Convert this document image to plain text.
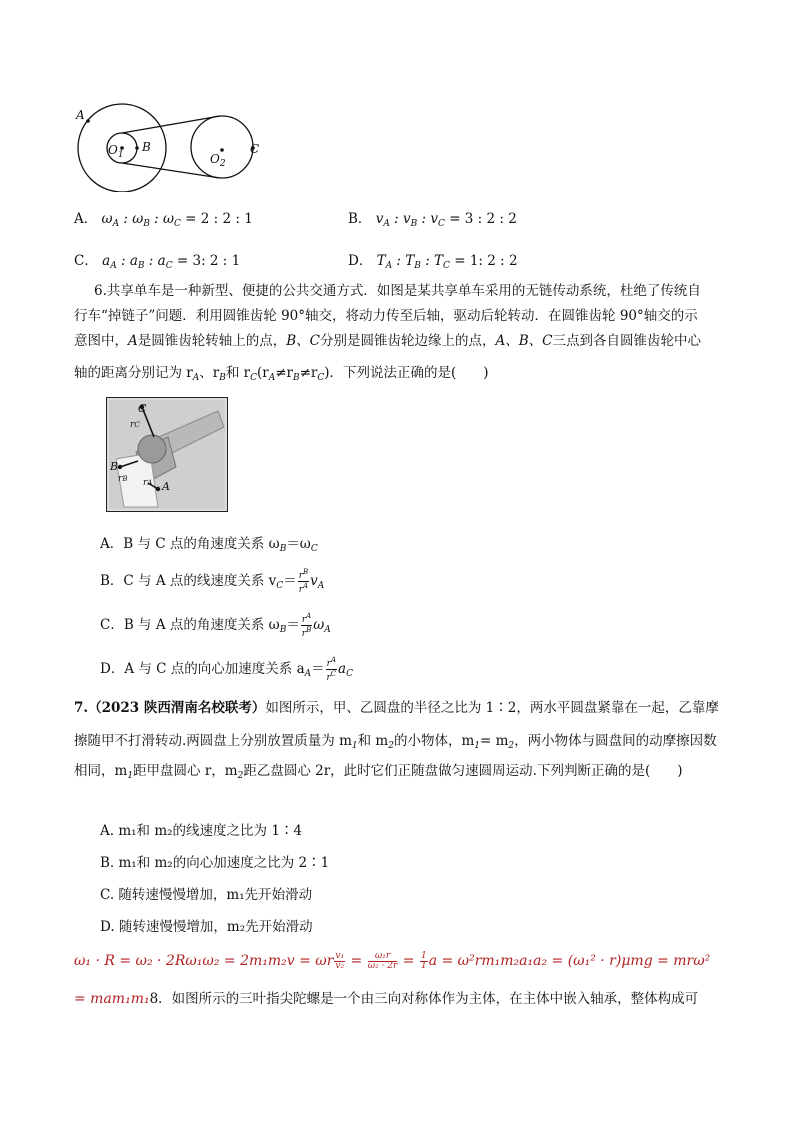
A
$O_1$
B
$O_2$
C
A． $\omega_A$ : $\omega_B$ : $\omega_C = 2$ : 2 : 1	B． $v_A$ : $v_B$ : $v_C = 3$ : 2 : 2
C． $a_A$ : $a_B$ : $a_C = 3$: 2 : 1	D． $T_A$ : $T_B$ : $T_C = 1$: 2 : 2
6.共享单车是一种新型、便捷的公共交通方式．如图是某共享单车采用的无链传动系统，杜绝了传统自
行车“掉链子”问题．利用圆锥齿轮 90°轴交，将动力传至后轴，驱动后轮转动．在圆锥齿轮 90°轴交的示
意图中，A是圆锥齿轮转轴上的点，B、C分别是圆锥齿轮边缘上的点，A、B、C三点到各自圆锥齿轮中心
轴的距离分别记为 $r_A$、$r_B$和 $r_C(r_A\ne r_B\ne r_C)$．下列说法正确的是(　　)
C
rC
B
rB
A
rA
A．B 与 C 点的角速度关系 $\omega_B=\omega_C$
B．C 与 A 点的线速度关系 $v_C= \frac{r^B}{r^A} v_A$
C．B 与 A 点的角速度关系 $\omega_B= \frac{r^A}{r^B} \omega_A$
D．A 与 C 点的向心加速度关系 $a_A= \frac{r^A}{r^C} a_C$
7.（2023 陕西渭南名校联考）如图所示，甲、乙圆盘的半径之比为 1∶2，两水平圆盘紧靠在一起，乙靠摩
擦随甲不打滑转动.两圆盘上分别放置质量为 $m_1$和 $m_2$的小物体，$m_1= m_2$，两小物体与圆盘间的动摩擦因数
相同，$m_1$距甲盘圆心 r，$m_2$距乙盘圆心 2r，此时它们正随盘做匀速圆周运动.下列判断正确的是(　　)
A. m₁和 m₂的线速度之比为 1∶4
B. m₁和 m₂的向心加速度之比为 2∶1
C. 随转速慢慢增加，m₁先开始滑动
D. 随转速慢慢增加，m₂先开始滑动
ω₁ · R = ω₂ · 2Rω₁ω₂ = 2m₁m₂v = ωr $\frac{\text{v₁}}{\text{v₂}} = \frac{\text{ω₁r}}{\text{ω₂ · 2r}} = \frac{1}{1}$ a = ω²rm₁m₂a₁a₂ = (ω₁² · r)μmg = mrω²
= mam₁m₁8．如图所示的三叶指尖陀螺是一个由三向对称体作为主体，在主体中嵌入轴承，整体构成可
